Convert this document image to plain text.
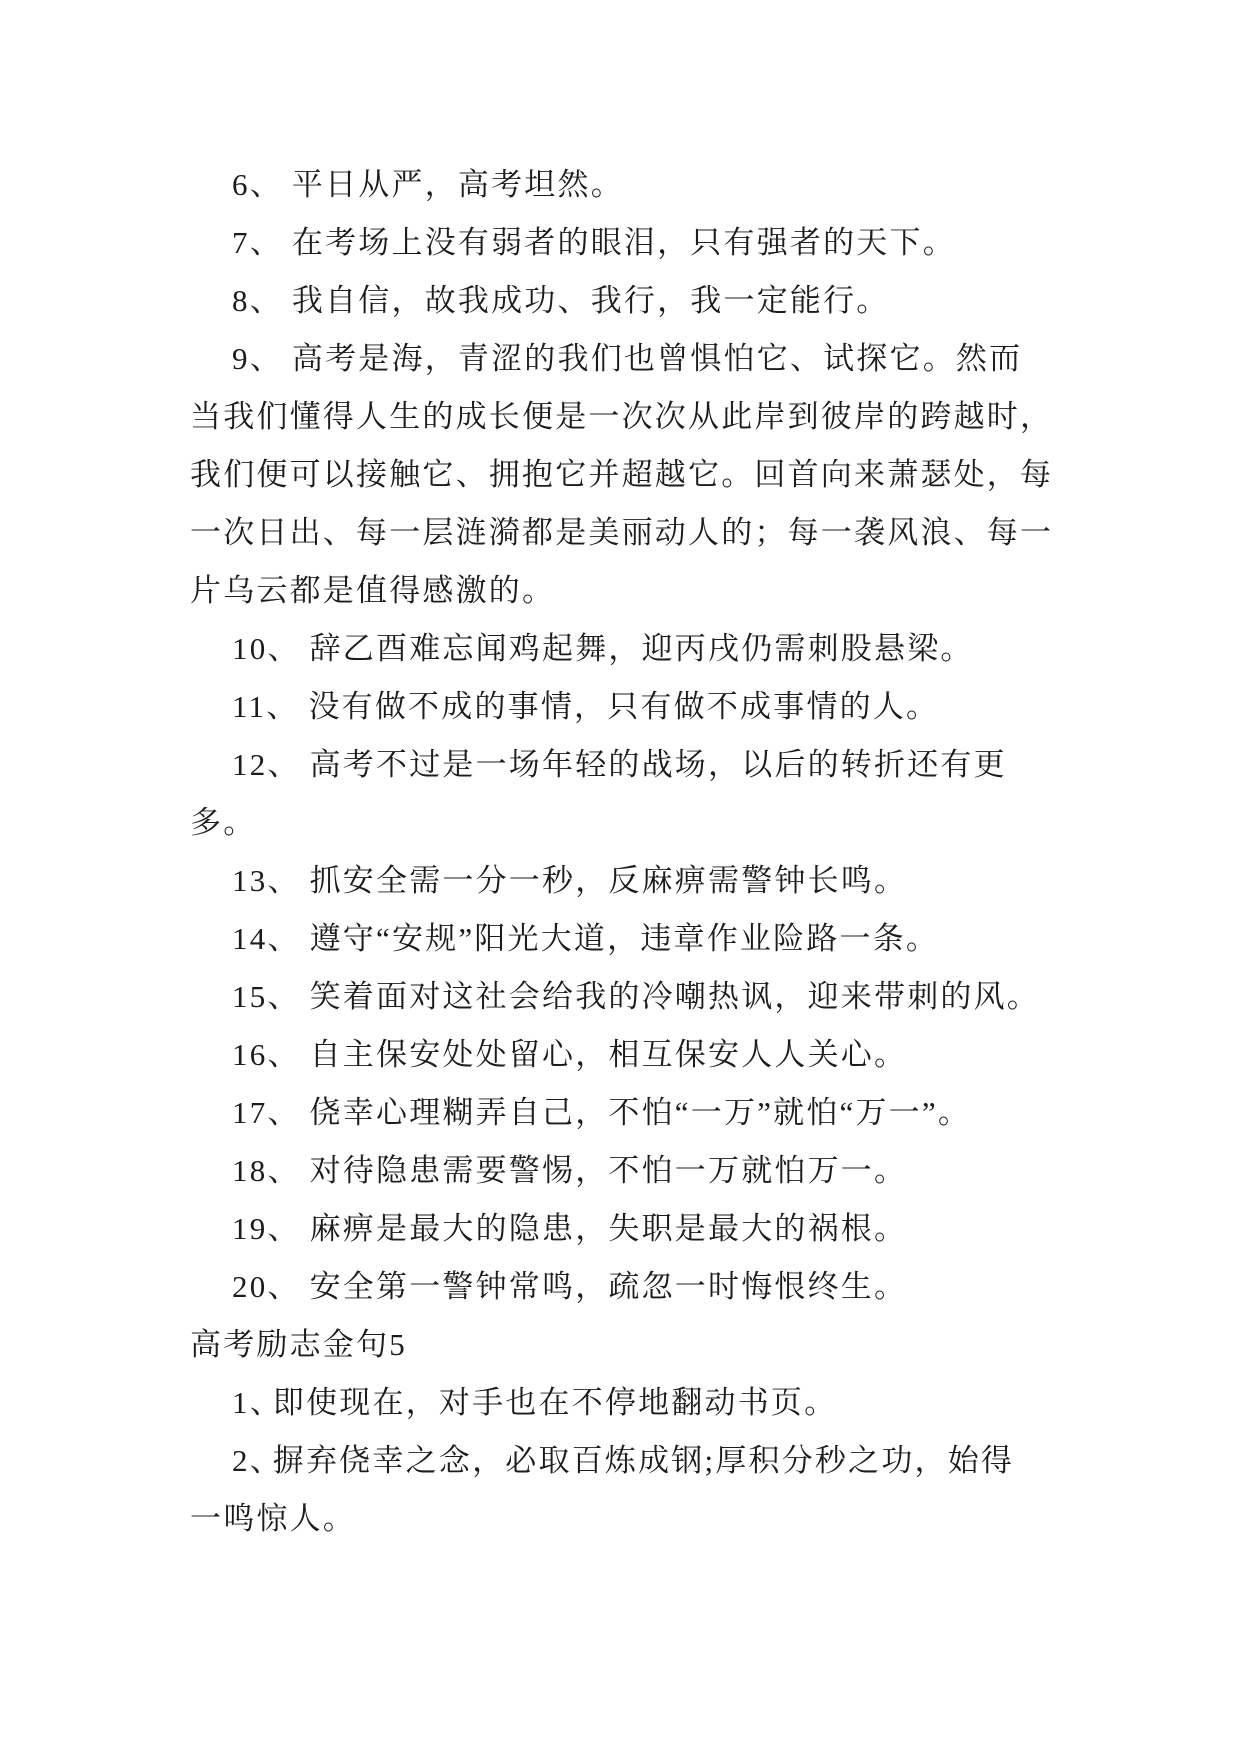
6、 平日从严，高考坦然。
7、 在考场上没有弱者的眼泪，只有强者的天下。
8、 我自信，故我成功、我行，我一定能行。
9、 高考是海，青涩的我们也曾惧怕它、试探它。然而
当我们懂得人生的成长便是一次次从此岸到彼岸的跨越时，
我们便可以接触它、拥抱它并超越它。回首向来萧瑟处，每
一次日出、每一层涟漪都是美丽动人的；每一袭风浪、每一
片乌云都是值得感激的。
10、 辞乙酉难忘闻鸡起舞，迎丙戌仍需刺股悬梁。
11、 没有做不成的事情，只有做不成事情的人。
12、 高考不过是一场年轻的战场，以后的转折还有更
多。
13、 抓安全需一分一秒，反麻痹需警钟长鸣。
14、 遵守“安规”阳光大道，违章作业险路一条。
15、 笑着面对这社会给我的冷嘲热讽，迎来带刺的风。
16、 自主保安处处留心，相互保安人人关心。
17、 侥幸心理糊弄自己，不怕“一万”就怕“万一”。
18、 对待隐患需要警惕，不怕一万就怕万一。
19、 麻痹是最大的隐患，失职是最大的祸根。
20、 安全第一警钟常鸣，疏忽一时悔恨终生。
高考励志金句5
1、即使现在，对手也在不停地翻动书页。
2、摒弃侥幸之念，必取百炼成钢;厚积分秒之功，始得
一鸣惊人。
